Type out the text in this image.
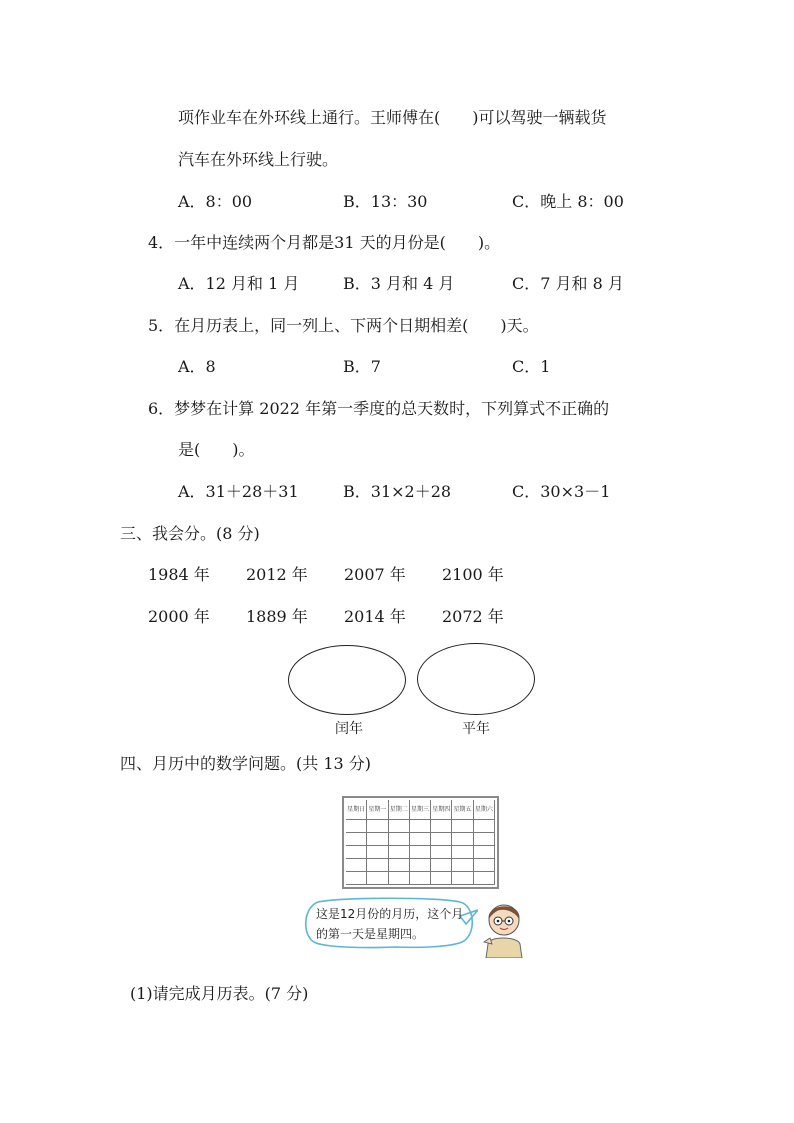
项作业车在外环线上通行。王师傅在(　　)可以驾驶一辆载货
汽车在外环线上行驶。
A．8：00	B．13：30	C．晚上 8：00
4．一年中连续两个月都是31 天的月份是(　　)。
A．12 月和 1 月	B．3 月和 4 月	C．7 月和 8 月
5．在月历表上，同一列上、下两个日期相差(　　)天。
A．8	B．7	C．1
6．梦梦在计算 2022 年第一季度的总天数时，下列算式不正确的
是(　　)。
A．31＋28＋31	B．31×2＋28	C．30×3－1
三、我会分。(8 分)
1984 年 2012 年 2007 年 2100 年
2000 年 1889 年 2014 年 2072 年
闰年	平年
四、月历中的数学问题。(共 13 分)
星期日 星期一 星期二 星期三 星期四 星期五 星期六
这是12月份的月历，这个月
的第一天是星期四。
(1)请完成月历表。(7 分)
